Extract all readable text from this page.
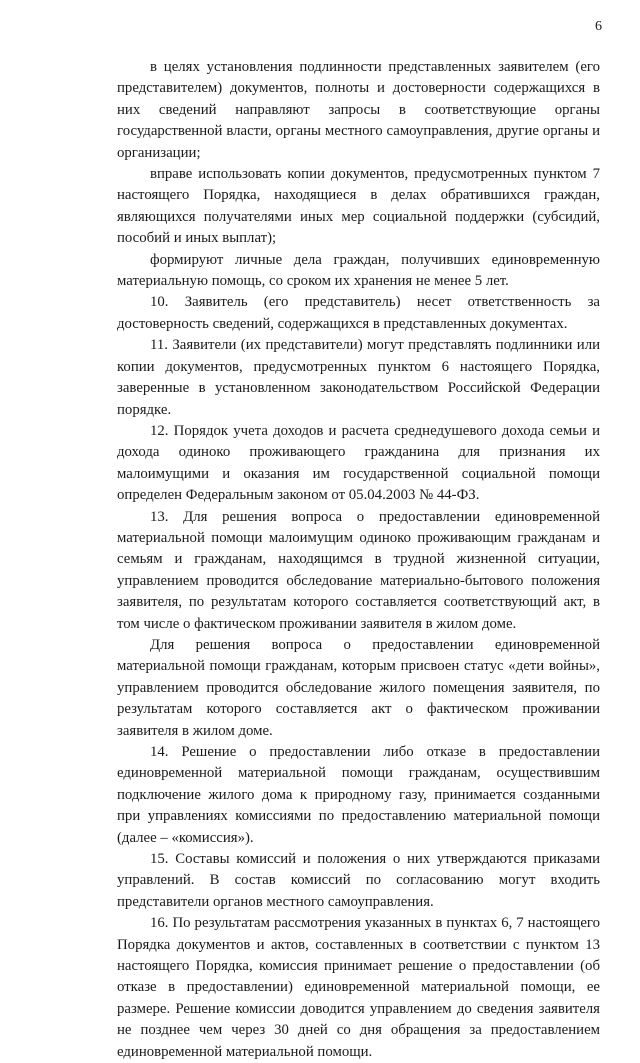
6

в целях установления подлинности представленных заявителем (его представителем) документов, полноты и достоверности содержащихся в них сведений направляют запросы в соответствующие органы государственной власти, органы местного самоуправления, другие органы и организации;

вправе использовать копии документов, предусмотренных пунктом 7 настоящего Порядка, находящиеся в делах обратившихся граждан, являющихся получателями иных мер социальной поддержки (субсидий, пособий и иных выплат);

формируют личные дела граждан, получивших единовременную материальную помощь, со сроком их хранения не менее 5 лет.

10. Заявитель (его представитель) несет ответственность за достоверность сведений, содержащихся в представленных документах.

11. Заявители (их представители) могут представлять подлинники или копии документов, предусмотренных пунктом 6 настоящего Порядка, заверенные в установленном законодательством Российской Федерации порядке.

12. Порядок учета доходов и расчета среднедушевого дохода семьи и дохода одиноко проживающего гражданина для признания их малоимущими и оказания им государственной социальной помощи определен Федеральным законом от 05.04.2003 № 44-ФЗ.

13. Для решения вопроса о предоставлении единовременной материальной помощи малоимущим одиноко проживающим гражданам и семьям и гражданам, находящимся в трудной жизненной ситуации, управлением проводится обследование материально-бытового положения заявителя, по результатам которого составляется соответствующий акт, в том числе о фактическом проживании заявителя в жилом доме.

Для решения вопроса о предоставлении единовременной материальной помощи гражданам, которым присвоен статус «дети войны», управлением проводится обследование жилого помещения заявителя, по результатам которого составляется акт о фактическом проживании заявителя в жилом доме.

14. Решение о предоставлении либо отказе в предоставлении единовременной материальной помощи гражданам, осуществившим подключение жилого дома к природному газу, принимается созданными при управлениях комиссиями по предоставлению материальной помощи (далее – «комиссия»).

15. Составы комиссий и положения о них утверждаются приказами управлений. В состав комиссий по согласованию могут входить представители органов местного самоуправления.

16. По результатам рассмотрения указанных в пунктах 6, 7 настоящего Порядка документов и актов, составленных в соответствии с пунктом 13 настоящего Порядка, комиссия принимает решение о предоставлении (об отказе в предоставлении) единовременной материальной помощи, ее размере. Решение комиссии доводится управлением до сведения заявителя не позднее чем через 30 дней со дня обращения за предоставлением единовременной материальной помощи.
